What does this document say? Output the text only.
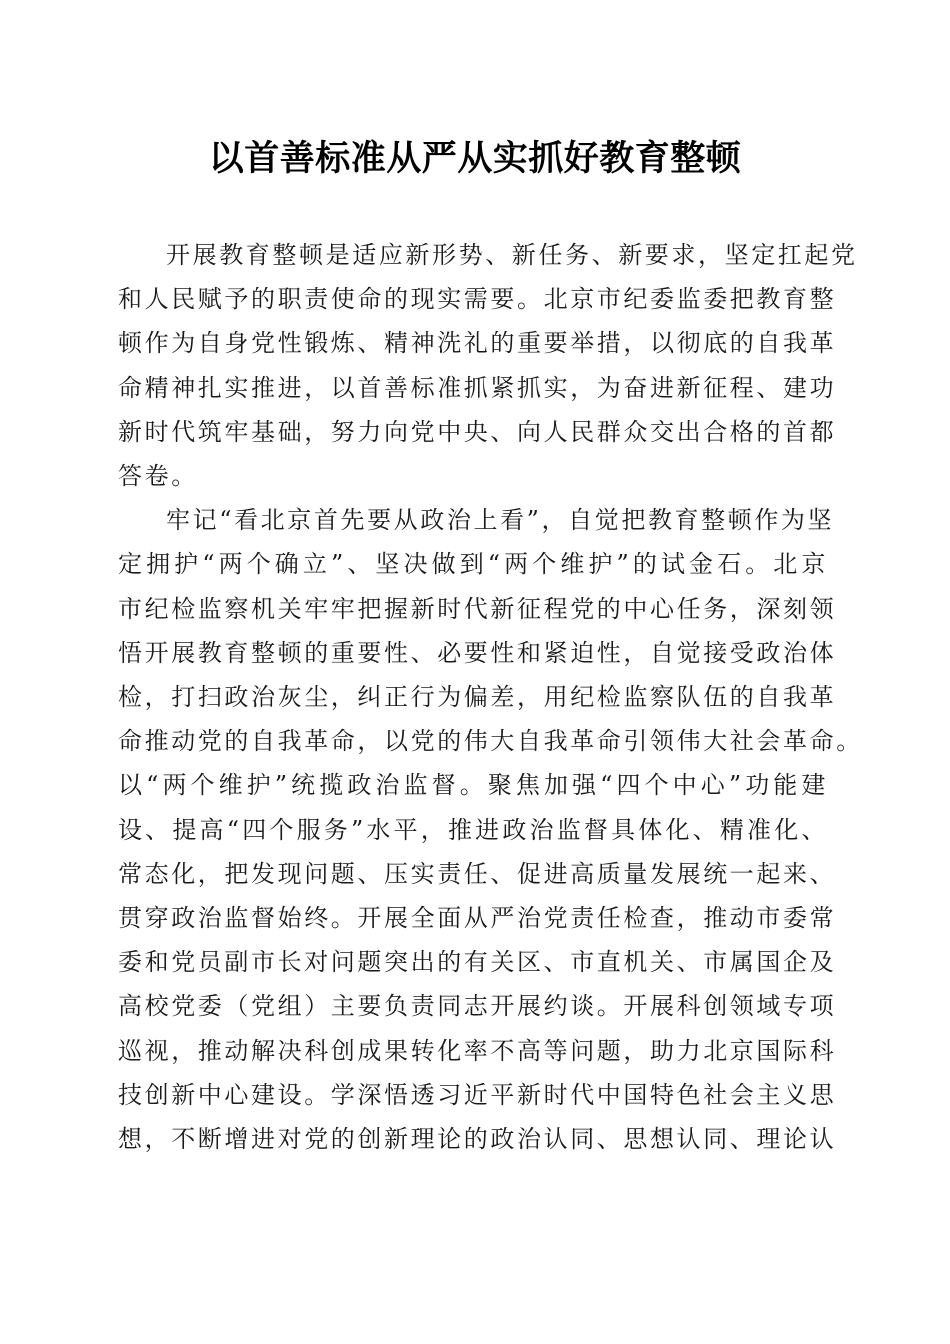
以首善标准从严从实抓好教育整顿

开展教育整顿是适应新形势、新任务、新要求，坚定扛起党
和人民赋予的职责使命的现实需要。北京市纪委监委把教育整
顿作为自身党性锻炼、精神洗礼的重要举措，以彻底的自我革
命精神扎实推进，以首善标准抓紧抓实，为奋进新征程、建功
新时代筑牢基础，努力向党中央、向人民群众交出合格的首都
答卷。

牢记“看北京首先要从政治上看”，自觉把教育整顿作为坚
定拥护“两个确立”、坚决做到“两个维护”的试金石。北京
市纪检监察机关牢牢把握新时代新征程党的中心任务，深刻领
悟开展教育整顿的重要性、必要性和紧迫性，自觉接受政治体
检，打扫政治灰尘，纠正行为偏差，用纪检监察队伍的自我革
命推动党的自我革命，以党的伟大自我革命引领伟大社会革命。
以“两个维护”统揽政治监督。聚焦加强“四个中心”功能建
设、提高“四个服务”水平，推进政治监督具体化、精准化、
常态化，把发现问题、压实责任、促进高质量发展统一起来、
贯穿政治监督始终。开展全面从严治党责任检查，推动市委常
委和党员副市长对问题突出的有关区、市直机关、市属国企及
高校党委（党组）主要负责同志开展约谈。开展科创领域专项
巡视，推动解决科创成果转化率不高等问题，助力北京国际科
技创新中心建设。学深悟透习近平新时代中国特色社会主义思
想，不断增进对党的创新理论的政治认同、思想认同、理论认
